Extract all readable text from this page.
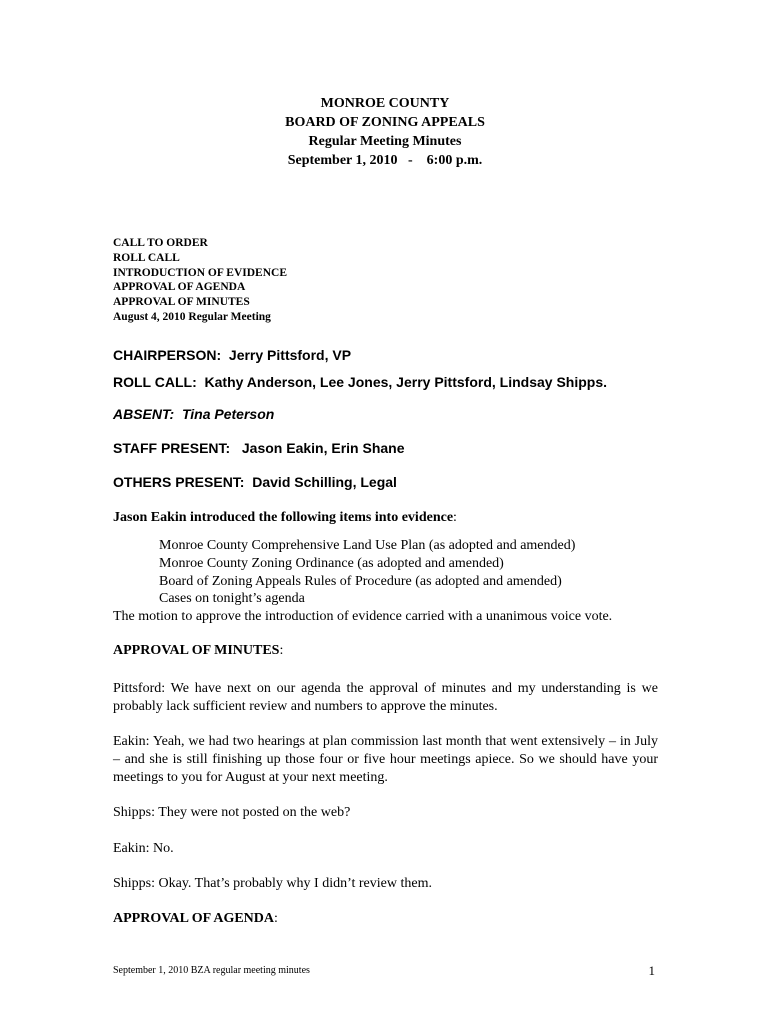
MONROE COUNTY
BOARD OF ZONING APPEALS
Regular Meeting Minutes
September 1, 2010   -    6:00 p.m.
CALL TO ORDER
ROLL CALL
INTRODUCTION OF EVIDENCE
APPROVAL OF AGENDA
APPROVAL OF MINUTES
August 4, 2010 Regular Meeting
CHAIRPERSON: Jerry Pittsford, VP
ROLL CALL:  Kathy Anderson, Lee Jones, Jerry Pittsford, Lindsay Shipps.
ABSENT: Tina Peterson
STAFF PRESENT: Jason Eakin, Erin Shane
OTHERS PRESENT: David Schilling, Legal
Jason Eakin introduced the following items into evidence:
Monroe County Comprehensive Land Use Plan (as adopted and amended)
Monroe County Zoning Ordinance (as adopted and amended)
Board of Zoning Appeals Rules of Procedure (as adopted and amended)
Cases on tonight’s agenda
The motion to approve the introduction of evidence carried with a unanimous voice vote.
APPROVAL OF MINUTES:
Pittsford: We have next on our agenda the approval of minutes and my understanding is we probably lack sufficient review and numbers to approve the minutes.
Eakin: Yeah, we had two hearings at plan commission last month that went extensively – in July – and she is still finishing up those four or five hour meetings apiece. So we should have your meetings to you for August at your next meeting.
Shipps: They were not posted on the web?
Eakin: No.
Shipps: Okay. That’s probably why I didn’t review them.
APPROVAL OF AGENDA:
September 1, 2010 BZA regular meeting minutes	1
